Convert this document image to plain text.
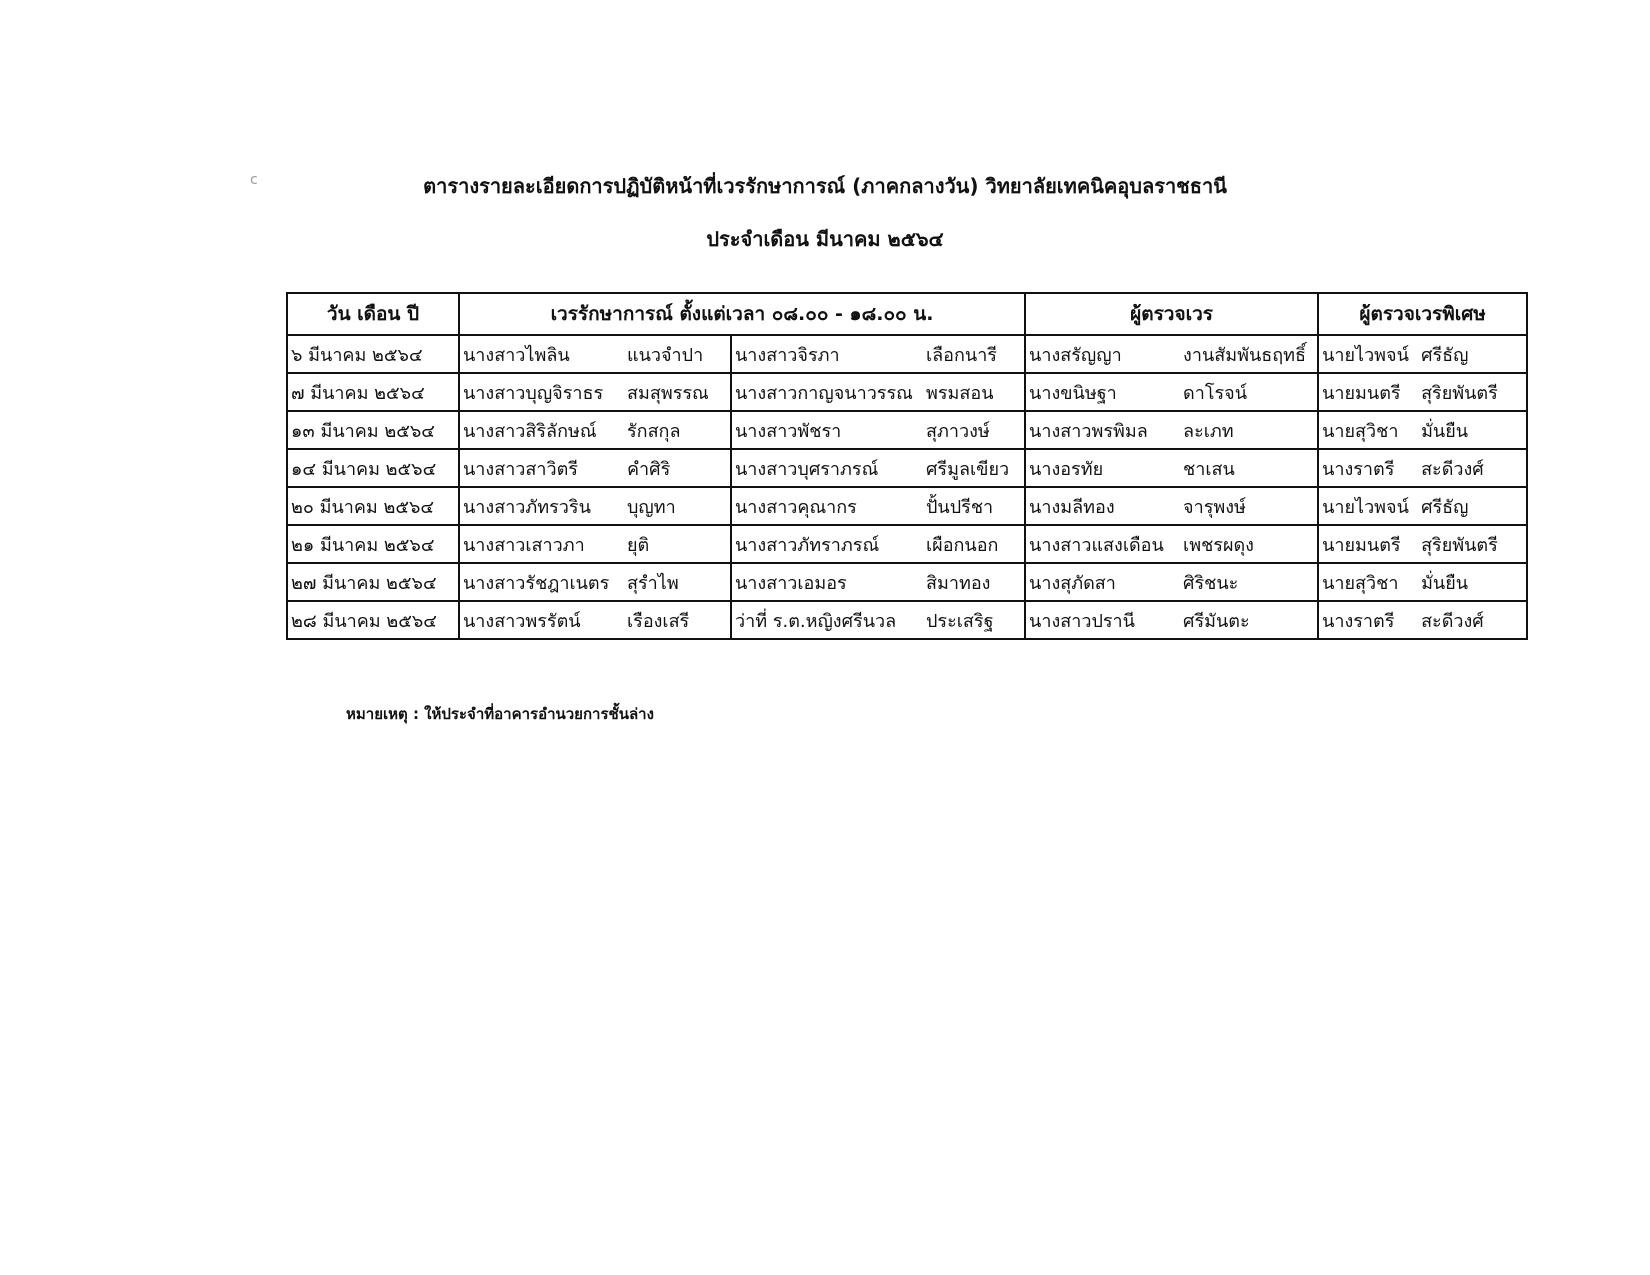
c	ตารางรายละเอียดการปฏิบัติหน้าที่เวรรักษาการณ์ (ภาคกลางวัน) วิทยาลัยเทคนิคอุบลราชธานี
ประจำเดือน มีนาคม ๒๕๖๔
วัน เดือน ปี	เวรรักษาการณ์ ตั้งแต่เวลา ๐๘.๐๐ - ๑๘.๐๐ น.				ผู้ตรวจเวร		ผู้ตรวจเวรพิเศษ	
๖ มีนาคม ๒๕๖๔	นางสาวไพลิน	แนวจำปา	นางสาวจิรภา	เลือกนารี	นางสรัญญา	งานสัมพันธฤทธิ์	นายไวพจน์	ศรีธัญ
๗ มีนาคม ๒๕๖๔	นางสาวบุญจิราธร	สมสุพรรณ	นางสาวกาญจนาวรรณ	พรมสอน	นางขนิษฐา	ดาโรจน์	นายมนตรี	สุริยพันตรี
๑๓ มีนาคม ๒๕๖๔	นางสาวสิริลักษณ์	รักสกุล	นางสาวพัชรา	สุภาวงษ์	นางสาวพรพิมล	ละเภท	นายสุวิชา	มั่นยืน
๑๔ มีนาคม ๒๕๖๔	นางสาวสาวิตรี	คำศิริ	นางสาวบุศราภรณ์	ศรีมูลเขียว	นางอรทัย	ชาเสน	นางราตรี	สะดีวงศ์
๒๐ มีนาคม ๒๕๖๔	นางสาวภัทรวริน	บุญทา	นางสาวคุณากร	ปั้นปรีชา	นางมลีทอง	จารุพงษ์	นายไวพจน์	ศรีธัญ
๒๑ มีนาคม ๒๕๖๔	นางสาวเสาวภา	ยุติ	นางสาวภัทราภรณ์	เผือกนอก	นางสาวแสงเดือน	เพชรผดุง	นายมนตรี	สุริยพันตรี
๒๗ มีนาคม ๒๕๖๔	นางสาวรัชฎาเนตร	สุรำไพ	นางสาวเอมอร	สิมาทอง	นางสุภัดสา	ศิริชนะ	นายสุวิชา	มั่นยืน
๒๘ มีนาคม ๒๕๖๔	นางสาวพรรัตน์	เรืองเสรี	ว่าที่ ร.ต.หญิงศรีนวล	ประเสริฐ	นางสาวปรานี	ศรีมันตะ	นางราตรี	สะดีวงศ์
หมายเหตุ : ให้ประจำที่อาคารอำนวยการชั้นล่าง
